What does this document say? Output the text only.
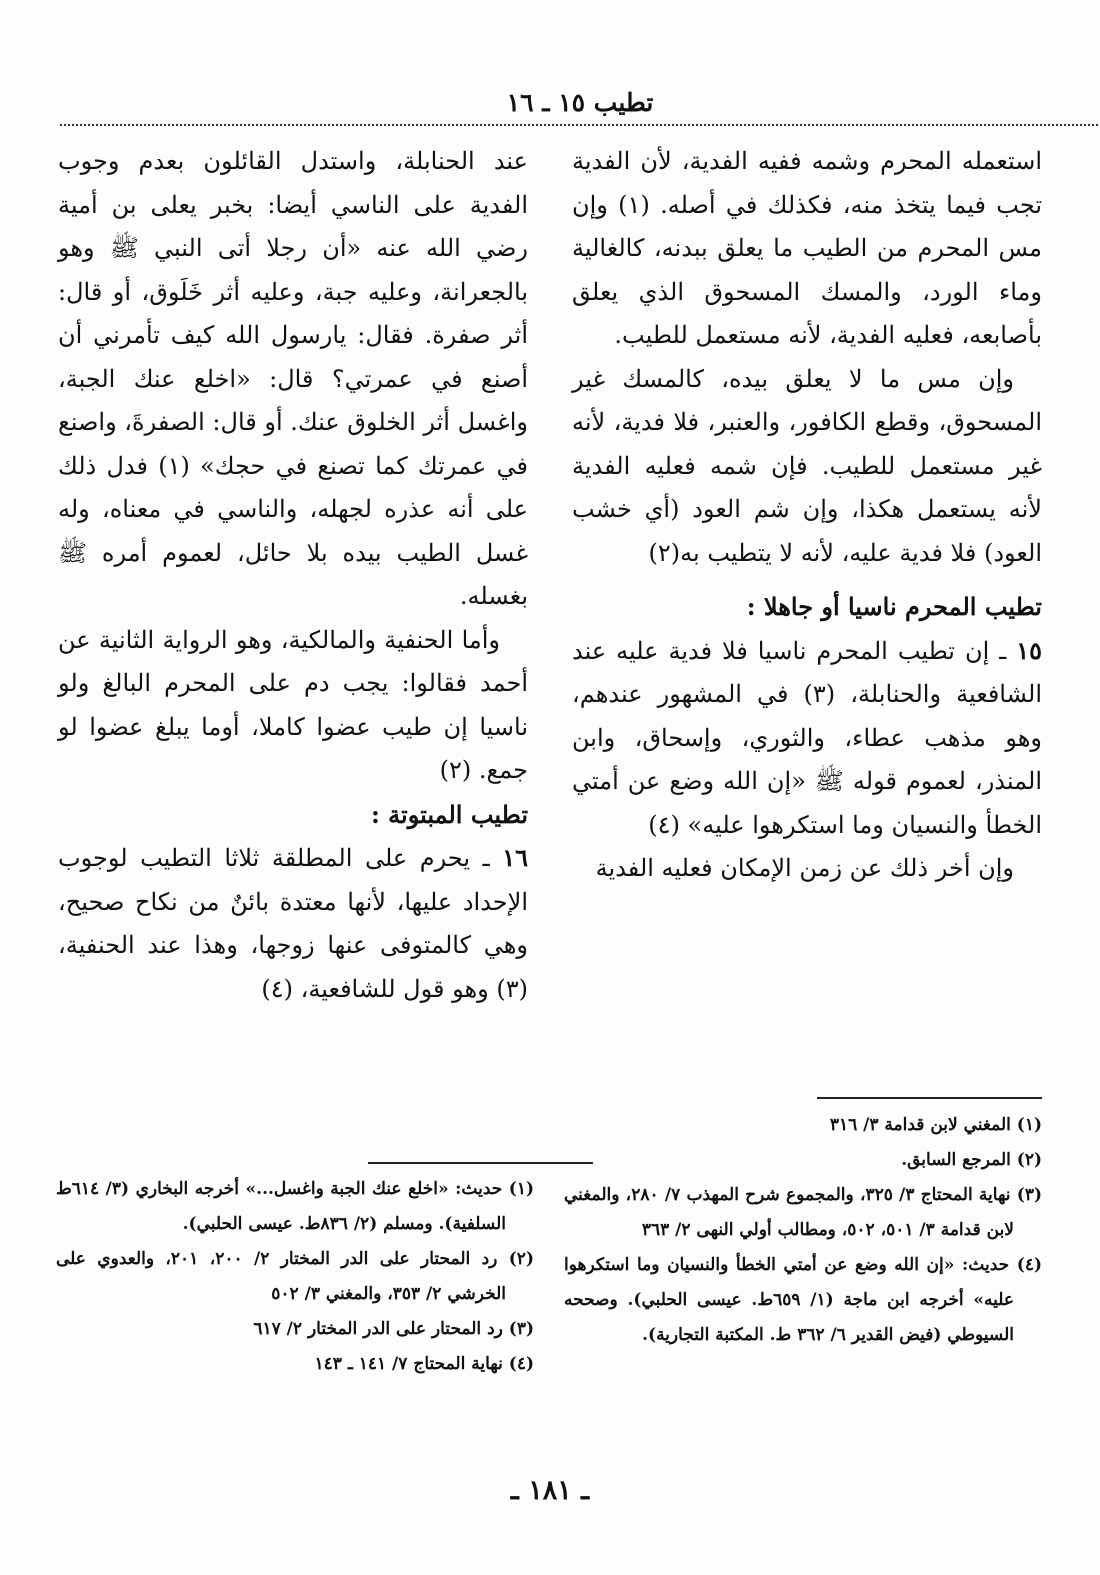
تطيب ١٥ ـ ١٦

استعمله المحرم وشمه ففيه الفدية، لأن الفدية تجب فيما يتخذ منه، فكذلك في أصله. (١) وإن مس المحرم من الطيب ما يعلق ببدنه، كالغالية وماء الورد، والمسك المسحوق الذي يعلق بأصابعه، فعليه الفدية، لأنه مستعمل للطيب.

وإن مس ما لا يعلق بيده، كالمسك غير المسحوق، وقطع الكافور، والعنبر، فلا فدية، لأنه غير مستعمل للطيب. فإن شمه فعليه الفدية لأنه يستعمل هكذا، وإن شم العود (أي خشب العود) فلا فدية عليه، لأنه لا يتطيب به(٢)

تطيب المحرم ناسيا أو جاهلا :

١٥ ـ إن تطيب المحرم ناسيا فلا فدية عليه عند الشافعية والحنابلة، (٣) في المشهور عندهم، وهو مذهب عطاء، والثوري، وإسحاق، وابن المنذر، لعموم قوله ﷺ «إن الله وضع عن أمتي الخطأ والنسيان وما استكرهوا عليه» (٤)

وإن أخر ذلك عن زمن الإمكان فعليه الفدية

عند الحنابلة، واستدل القائلون بعدم وجوب الفدية على الناسي أيضا: بخبر يعلى بن أمية رضي الله عنه «أن رجلا أتى النبي ﷺ وهو بالجعرانة، وعليه جبة، وعليه أثر خَلَوق، أو قال: أثر صفرة. فقال: يارسول الله كيف تأمرني أن أصنع في عمرتي؟ قال: «اخلع عنك الجبة، واغسل أثر الخلوق عنك. أو قال: الصفرةَ، واصنع في عمرتك كما تصنع في حجك» (١) فدل ذلك على أنه عذره لجهله، والناسي في معناه، وله غسل الطيب بيده بلا حائل، لعموم أمره ﷺ بغسله.

وأما الحنفية والمالكية، وهو الرواية الثانية عن أحمد فقالوا: يجب دم على المحرم البالغ ولو ناسيا إن طيب عضوا كاملا، أوما يبلغ عضوا لو جمع. (٢)

تطيب المبتوتة :

١٦ ـ يحرم على المطلقة ثلاثا التطيب لوجوب الإحداد عليها، لأنها معتدة بائنٌ من نكاح صحيح، وهي كالمتوفى عنها زوجها، وهذا عند الحنفية، (٣) وهو قول للشافعية، (٤)

(١) المغني لابن قدامة ٣/ ٣١٦
(٢) المرجع السابق.
(٣) نهاية المحتاج ٣/ ٣٢٥، والمجموع شرح المهذب ٧/ ٢٨٠، والمغني لابن قدامة ٣/ ٥٠١، ٥٠٢، ومطالب أولي النهى ٢/ ٣٦٣
(٤) حديث: «إن الله وضع عن أمتي الخطأ والنسيان وما استكرهوا عليه» أخرجه ابن ماجة (١/ ٦٥٩ط. عيسى الحلبي). وصححه السيوطي (فيض القدير ٦/ ٣٦٢ ط. المكتبة التجارية).
(١) حديث: «اخلع عنك الجبة واغسل...» أخرجه البخاري (٣/ ٦١٤ط السلفية). ومسلم (٢/ ٨٣٦ط. عيسى الحلبي).
(٢) رد المحتار على الدر المختار ٢/ ٢٠٠، ٢٠١، والعدوي على الخرشي ٢/ ٣٥٣، والمغني ٣/ ٥٠٢
(٣) رد المحتار على الدر المختار ٢/ ٦١٧
(٤) نهاية المحتاج ٧/ ١٤١ ـ ١٤٣
ـ ١٨١ ـ
